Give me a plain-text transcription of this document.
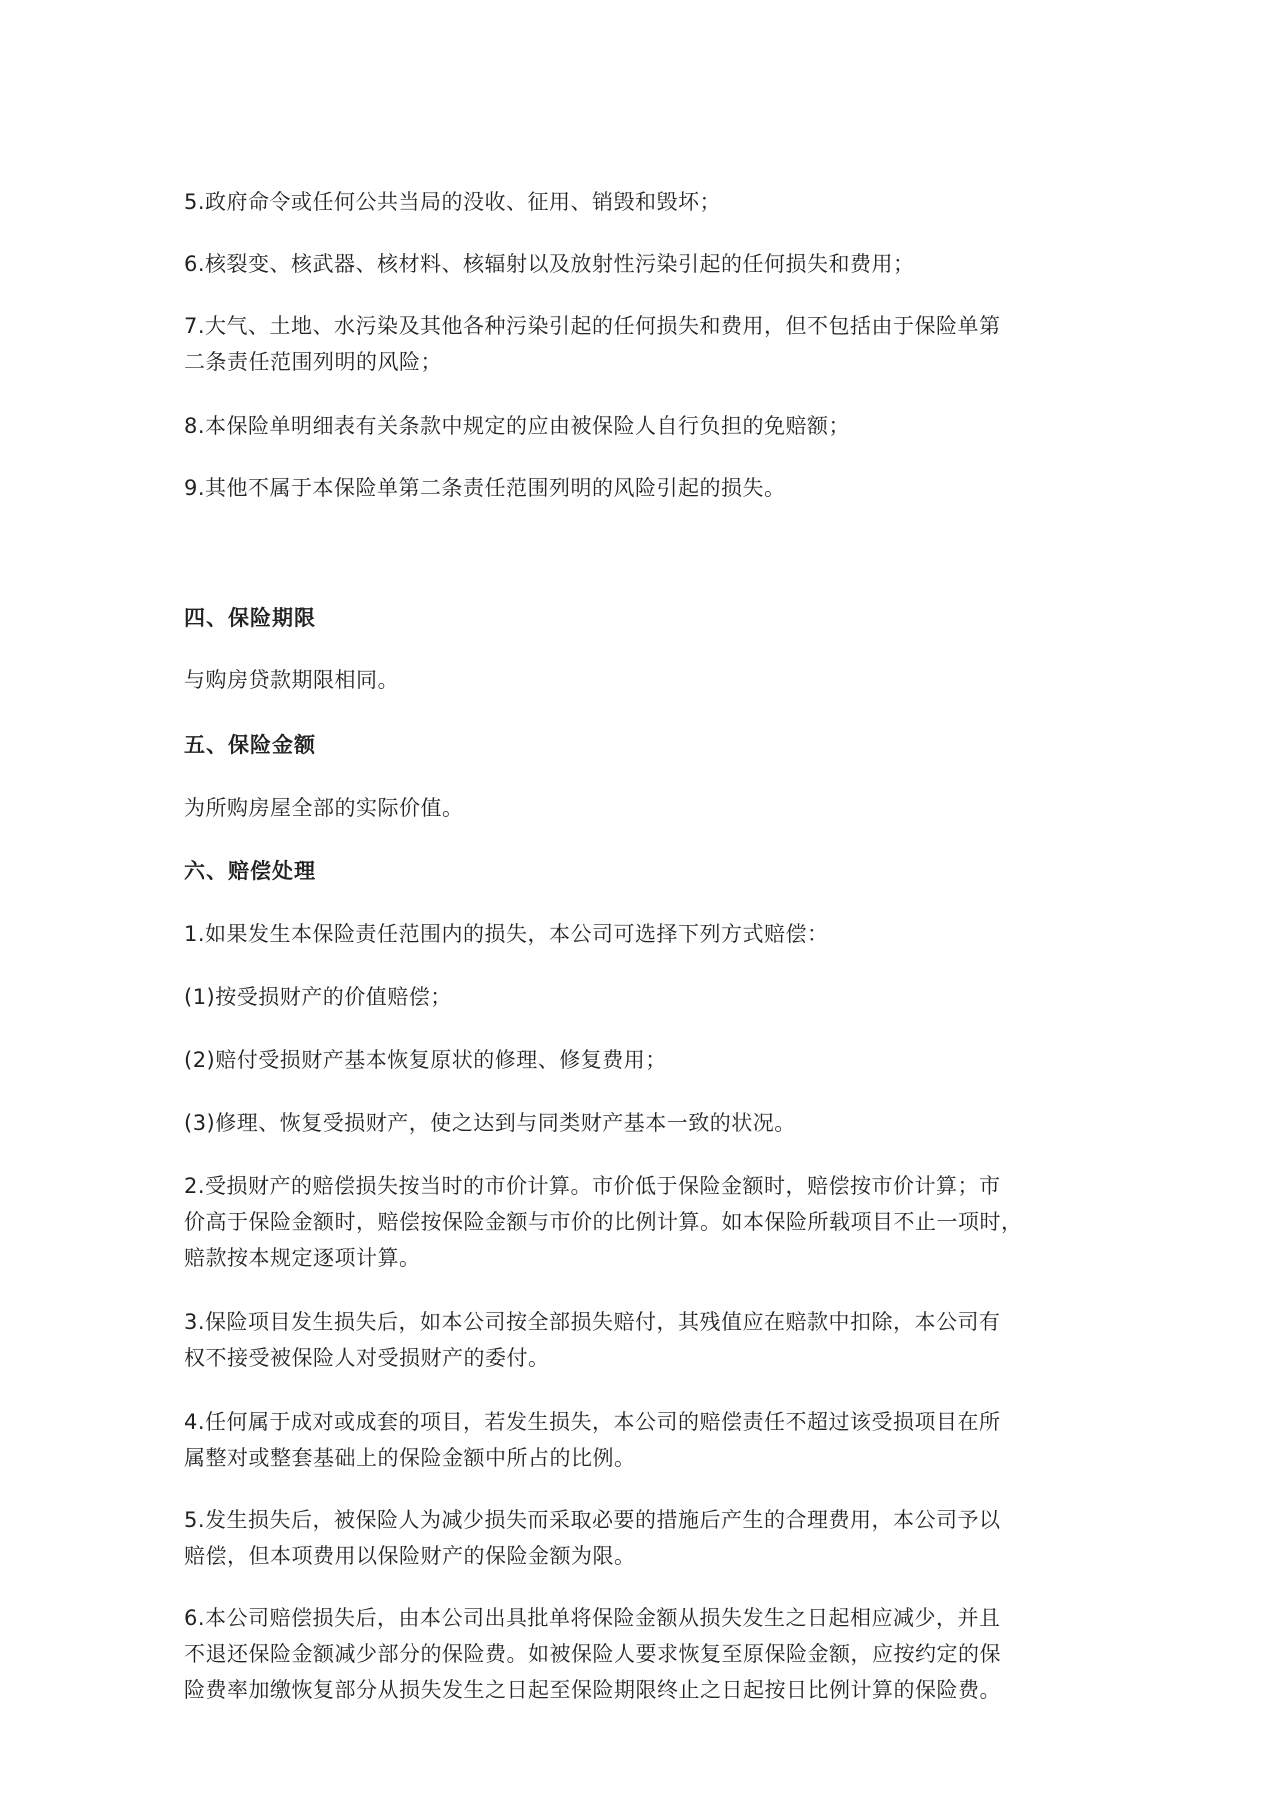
5.政府命令或任何公共当局的没收、征用、销毁和毁坏；

6.核裂变、核武器、核材料、核辐射以及放射性污染引起的任何损失和费用；

7.大气、土地、水污染及其他各种污染引起的任何损失和费用，但不包括由于保险单第
二条责任范围列明的风险；

8.本保险单明细表有关条款中规定的应由被保险人自行负担的免赔额；

9.其他不属于本保险单第二条责任范围列明的风险引起的损失。

四、保险期限

与购房贷款期限相同。

五、保险金额

为所购房屋全部的实际价值。

六、赔偿处理

1.如果发生本保险责任范围内的损失，本公司可选择下列方式赔偿：

(1)按受损财产的价值赔偿；

(2)赔付受损财产基本恢复原状的修理、修复费用；

(3)修理、恢复受损财产，使之达到与同类财产基本一致的状况。

2.受损财产的赔偿损失按当时的市价计算。市价低于保险金额时，赔偿按市价计算；市
价高于保险金额时，赔偿按保险金额与市价的比例计算。如本保险所载项目不止一项时，
赔款按本规定逐项计算。
3.保险项目发生损失后，如本公司按全部损失赔付，其残值应在赔款中扣除，本公司有
权不接受被保险人对受损财产的委付。
4.任何属于成对或成套的项目，若发生损失，本公司的赔偿责任不超过该受损项目在所
属整对或整套基础上的保险金额中所占的比例。
5.发生损失后，被保险人为减少损失而采取必要的措施后产生的合理费用，本公司予以
赔偿，但本项费用以保险财产的保险金额为限。
6.本公司赔偿损失后，由本公司出具批单将保险金额从损失发生之日起相应减少，并且
不退还保险金额减少部分的保险费。如被保险人要求恢复至原保险金额，应按约定的保
险费率加缴恢复部分从损失发生之日起至保险期限终止之日起按日比例计算的保险费。
